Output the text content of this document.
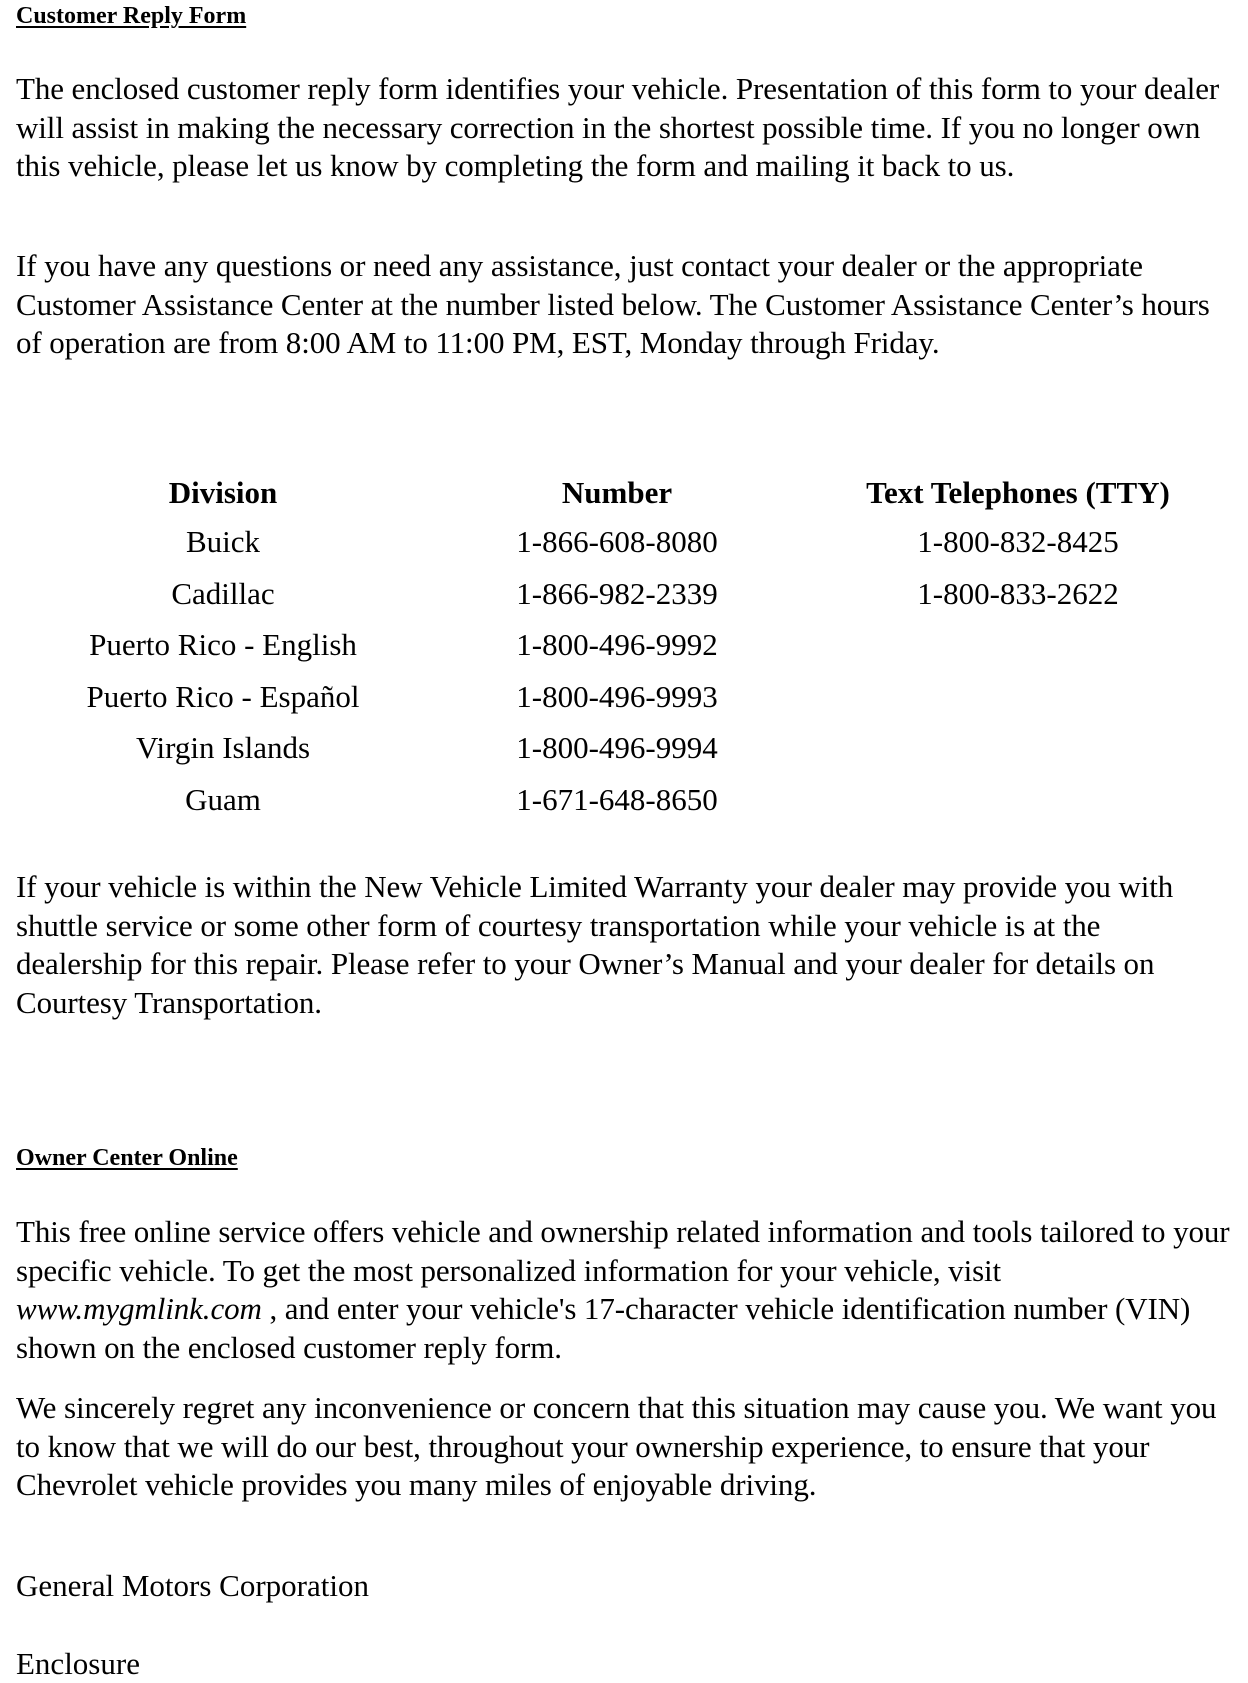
Customer Reply Form

The enclosed customer reply form identifies your vehicle. Presentation of this form to your dealer will assist in making the necessary correction in the shortest possible time. If you no longer own this vehicle, please let us know by completing the form and mailing it back to us.

If you have any questions or need any assistance, just contact your dealer or the appropriate Customer Assistance Center at the number listed below. The Customer Assistance Center’s hours of operation are from 8:00 AM to 11:00 PM, EST, Monday through Friday.

Division	Number	Text Telephones (TTY)
Buick	1-866-608-8080	1-800-832-8425
Cadillac	1-866-982-2339	1-800-833-2622
Puerto Rico - English	1-800-496-9992	
Puerto Rico - Español	1-800-496-9993	
Virgin Islands	1-800-496-9994	
Guam	1-671-648-8650	

If your vehicle is within the New Vehicle Limited Warranty your dealer may provide you with shuttle service or some other form of courtesy transportation while your vehicle is at the dealership for this repair. Please refer to your Owner’s Manual and your dealer for details on Courtesy Transportation.

Owner Center Online

This free online service offers vehicle and ownership related information and tools tailored to your specific vehicle. To get the most personalized information for your vehicle, visit www.mygmlink.com , and enter your vehicle's 17-character vehicle identification number (VIN) shown on the enclosed customer reply form.

We sincerely regret any inconvenience or concern that this situation may cause you. We want you to know that we will do our best, throughout your ownership experience, to ensure that your Chevrolet vehicle provides you many miles of enjoyable driving.

General Motors Corporation
Enclosure
